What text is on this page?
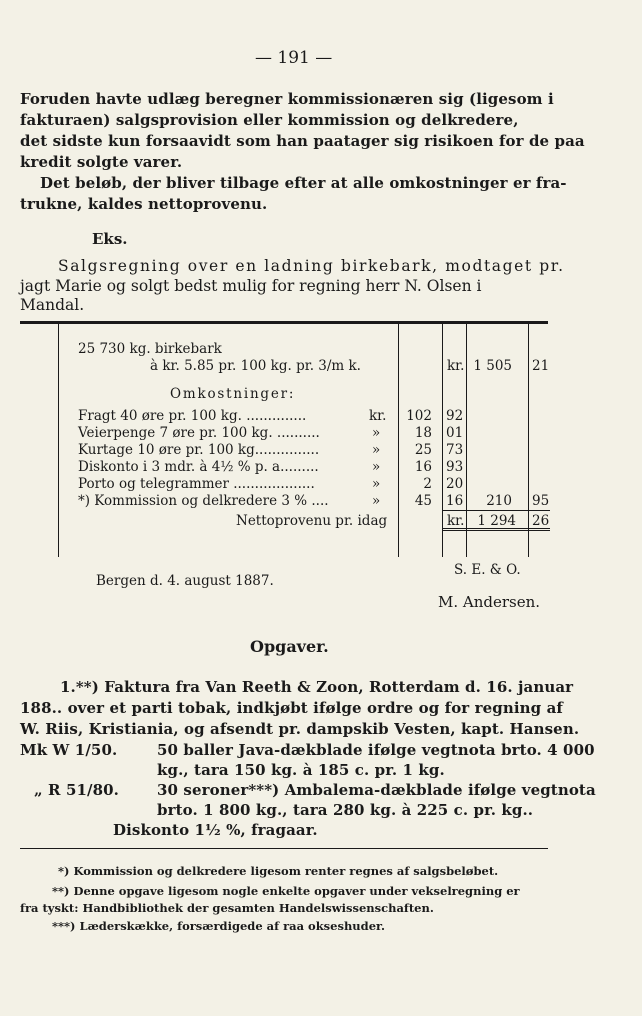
— 191 —
Foruden havte udlæg beregner kommissionæren sig (ligesom i
fakturaen) salgsprovision eller kommission og delkredere,
det sidste kun forsaavidt som han paatager sig risikoen for de paa
kredit solgte varer.
Det beløb, der bliver tilbage efter at alle omkostninger er fra-
trukne, kaldes nettoprovenu.
Eks.
Salgsregning over en ladning birkebark, modtaget pr.
jagt Marie og solgt bedst mulig for regning herr N. Olsen i
Mandal.
25 730 kg. birkebark
à kr. 5.85 pr. 100 kg. pr. 3/m k.	kr. 1 505 21
Omkostninger:
Fragt 40 øre pr. 100 kg. ..............	kr.	102 92
Veierpenge 7 øre pr. 100 kg. ..........	»	18 01
Kurtage 10 øre pr. 100 kg...............	»	25 73
Diskonto i 3 mdr. à 4½ % p. a.........	»	16 93
Porto og telegrammer ...................	»	2 20
*) Kommission og delkredere 3 % ....	»	45 16	210 95
Nettoprovenu pr. idag	kr. 1 294 26
Bergen d. 4. august 1887.
S. E. & O.
M. Andersen.
Opgaver.
1.**) Faktura fra Van Reeth & Zoon, Rotterdam d. 16. januar
188.. over et parti tobak, indkjøbt ifølge ordre og for regning af
W. Riis, Kristiania, og afsendt pr. dampskib Vesten, kapt. Hansen.
Mk W 1/50.	50 baller Java-dækblade ifølge vegtnota brto. 4 000
kg., tara 150 kg. à 185 c. pr. 1 kg.
„ R 51/80.	30 seroner***) Ambalema-dækblade ifølge vegtnota
brto. 1 800 kg., tara 280 kg. à 225 c. pr. kg..
Diskonto 1½ %, fragaar.
*) Kommission og delkredere ligesom renter regnes af salgsbeløbet.
**) Denne opgave ligesom nogle enkelte opgaver under vekselregning er
fra tyskt: Handbibliothek der gesamten Handelswissenschaften.
***) Læderskække, forsærdigede af raa okseshuder.
